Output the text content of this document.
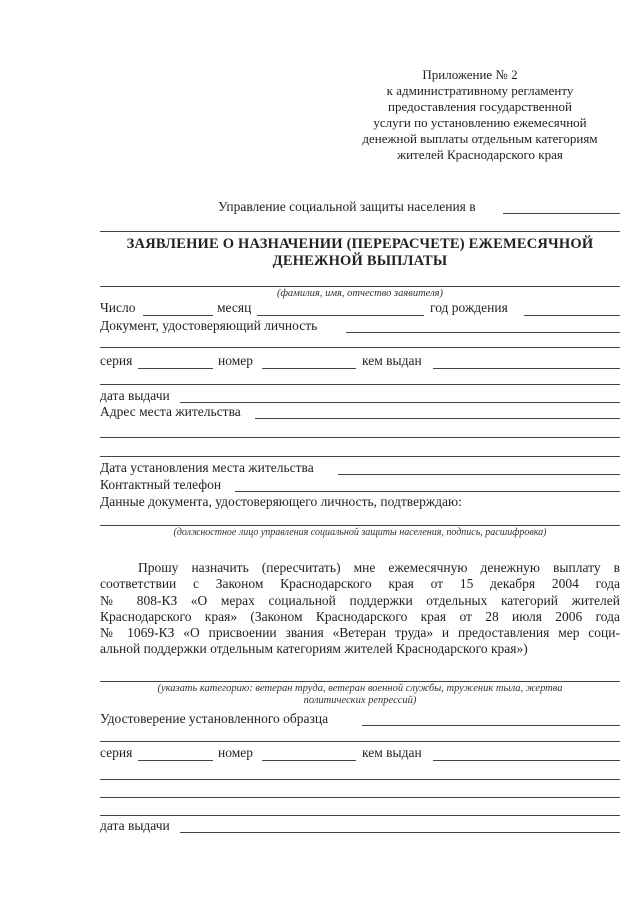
Приложение № 2
к административному регламенту
предоставления государственной
услуги по установлению ежемесячной
денежной выплаты отдельным категориям
жителей Краснодарского края
Управление социальной защиты населения в
ЗАЯВЛЕНИЕ О НАЗНАЧЕНИИ (ПЕРЕРАСЧЕТЕ) ЕЖЕМЕСЯЧНОЙ
ДЕНЕЖНОЙ ВЫПЛАТЫ
(фамилия, имя, отчество заявителя)
Число	месяц	год рождения
Документ, удостоверяющий личность
серия	номер	кем выдан
дата выдачи
Адрес места жительства
Дата установления места жительства
Контактный телефон
Данные документа, удостоверяющего личность, подтверждаю:
(должностное лицо управления социальной защиты населения, подпись, расшифровка)
Прошу назначить (пересчитать) мне ежемесячную денежную выплату в
соответствии с Законом Краснодарского края от 15 декабря 2004 года
№ 808-КЗ «О мерах социальной поддержки отдельных категорий жителей
Краснодарского края» (Законом Краснодарского края от 28 июля 2006 года
№ 1069-КЗ «О присвоении звания «Ветеран труда» и предоставления мер соци-
альной поддержки отдельным категориям жителей Краснодарского края»)
(указать категорию: ветеран труда, ветеран военной службы, труженик тыла, жертва
политических репрессий)
Удостоверение установленного образца
серия	номер	кем выдан
дата выдачи
